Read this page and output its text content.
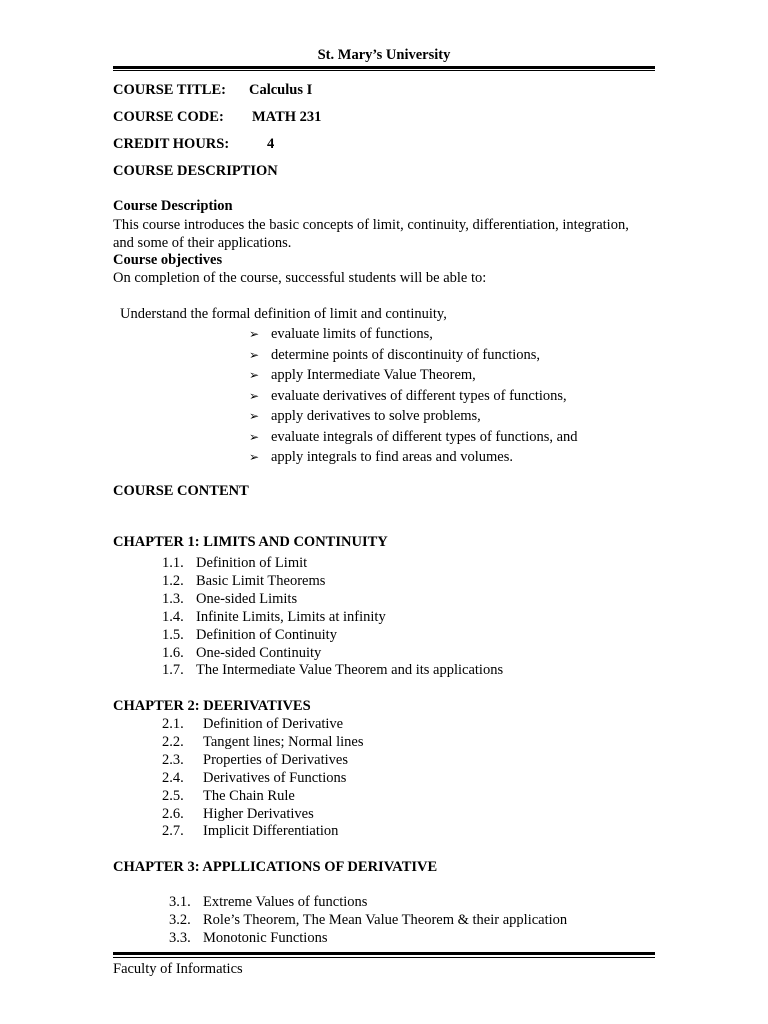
St. Mary’s University
COURSE TITLE: Calculus I
COURSE CODE: MATH 231
CREDIT HOURS:	4
COURSE DESCRIPTION
Course Description
This course introduces the basic concepts of limit, continuity, differentiation, integration,
and some of their applications.
Course objectives
On completion of the course, successful students will be able to:
Understand the formal definition of limit and continuity,
➢ evaluate limits of functions,
➢ determine points of discontinuity of functions,
➢ apply Intermediate Value Theorem,
➢ evaluate derivatives of different types of functions,
➢ apply derivatives to solve problems,
➢ evaluate integrals of different types of functions, and
➢ apply integrals to find areas and volumes.
COURSE CONTENT
CHAPTER 1: LIMITS AND CONTINUITY
1.1. Definition of Limit
1.2. Basic Limit Theorems
1.3. One-sided Limits
1.4. Infinite Limits, Limits at infinity
1.5. Definition of Continuity
1.6. One-sided Continuity
1.7. The Intermediate Value Theorem and its applications
CHAPTER 2: DEERIVATIVES
2.1. Definition of Derivative
2.2. Tangent lines; Normal lines
2.3. Properties of Derivatives
2.4. Derivatives of Functions
2.5. The Chain Rule
2.6. Higher Derivatives
2.7. Implicit Differentiation
CHAPTER 3: APPLLICATIONS OF DERIVATIVE
3.1. Extreme Values of functions
3.2. Role’s Theorem, The Mean Value Theorem & their application
3.3. Monotonic Functions
Faculty of Informatics
